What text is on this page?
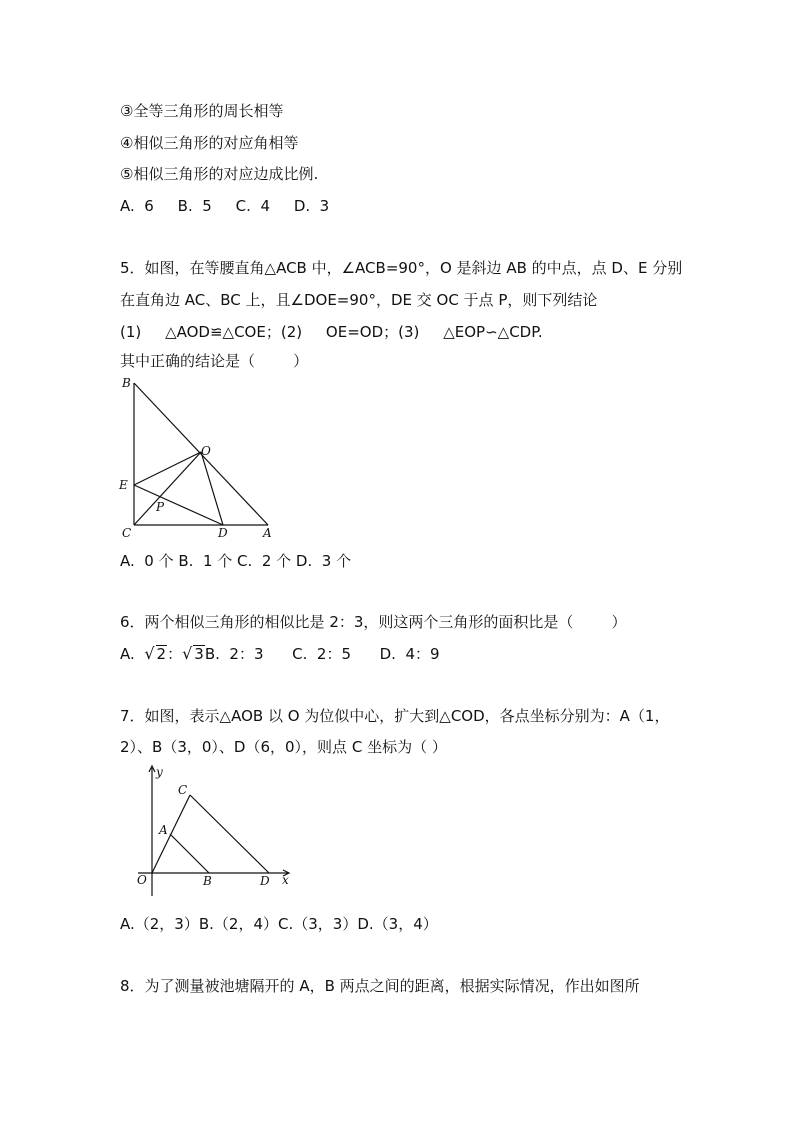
③全等三角形的周长相等
④相似三角形的对应角相等
⑤相似三角形的对应边成比例.
A.  6     B.  5     C.  4     D.  3
5．如图，在等腰直角△ACB 中，∠ACB=90°，O 是斜边 AB 的中点，点 D、E 分别
在直角边 AC、BC 上，且∠DOE=90°，DE 交 OC 于点 P，则下列结论
(1)     △AOD≌△COE；(2)     OE=OD；(3)     △EOP∽△CDP.
其中正确的结论是（        ）
B
O
E
P
C	D	A
A.  0 个 B.  1 个 C.  2 个 D.  3 个
6．两个相似三角形的相似比是 2：3，则这两个三角形的面积比是（        ）
A.  √ 2：√ 3B.  2：3      C.  2：5      D.  4：9
7．如图，表示△AOB 以 O 为位似中心，扩大到△COD，各点坐标分别为：A（1，
2）、B（3，0）、D（6，0），则点 C 坐标为（ ）
y
C
A
O	B	D x
A.（2，3）B.（2，4）C.（3，3）D.（3，4）
8．为了测量被池塘隔开的 A，B 两点之间的距离，根据实际情况，作出如图所
